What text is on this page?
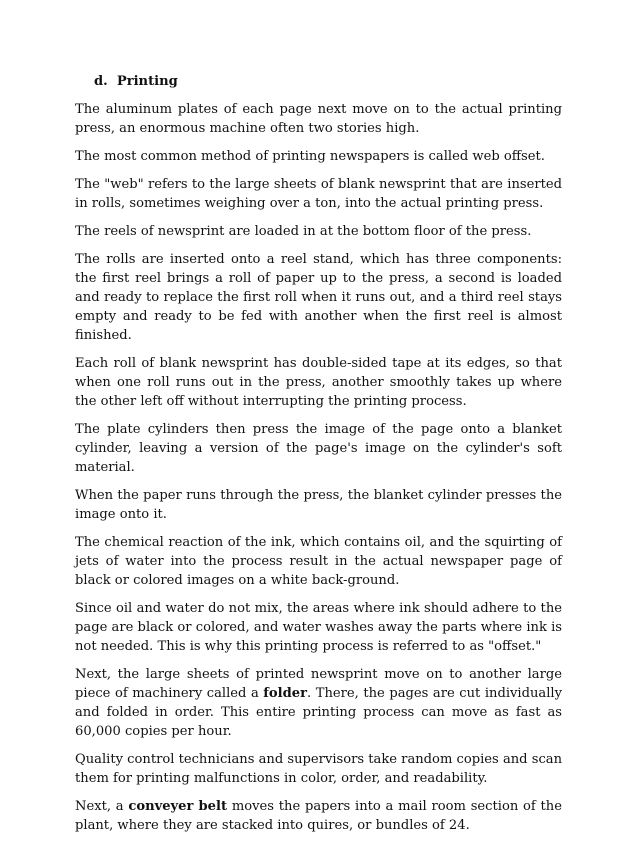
d. Printing

The aluminum plates of each page next move on to the actual printing press, an enormous machine often two stories high.

The most common method of printing newspapers is called web offset.

The "web" refers to the large sheets of blank newsprint that are inserted in rolls, sometimes weighing over a ton, into the actual printing press.

The reels of newsprint are loaded in at the bottom floor of the press.

The rolls are inserted onto a reel stand, which has three components: the first reel brings a roll of paper up to the press, a second is loaded and ready to replace the first roll when it runs out, and a third reel stays empty and ready to be fed with another when the first reel is almost finished.

Each roll of blank newsprint has double-sided tape at its edges, so that when one roll runs out in the press, another smoothly takes up where the other left off without interrupting the printing process.

The plate cylinders then press the image of the page onto a blanket cylinder, leaving a version of the page's image on the cylinder's soft material.

When the paper runs through the press, the blanket cylinder presses the image onto it.

The chemical reaction of the ink, which contains oil, and the squirting of jets of water into the process result in the actual newspaper page of black or colored images on a white back-ground.

Since oil and water do not mix, the areas where ink should adhere to the page are black or colored, and water washes away the parts where ink is not needed. This is why this printing process is referred to as "offset."

Next, the large sheets of printed newsprint move on to another large piece of machinery called a folder. There, the pages are cut individually and folded in order. This entire printing process can move as fast as 60,000 copies per hour.

Quality control technicians and supervisors take random copies and scan them for printing malfunctions in color, order, and readability.

Next, a conveyer belt moves the papers into a mail room section of the plant, where they are stacked into quires, or bundles of 24.
